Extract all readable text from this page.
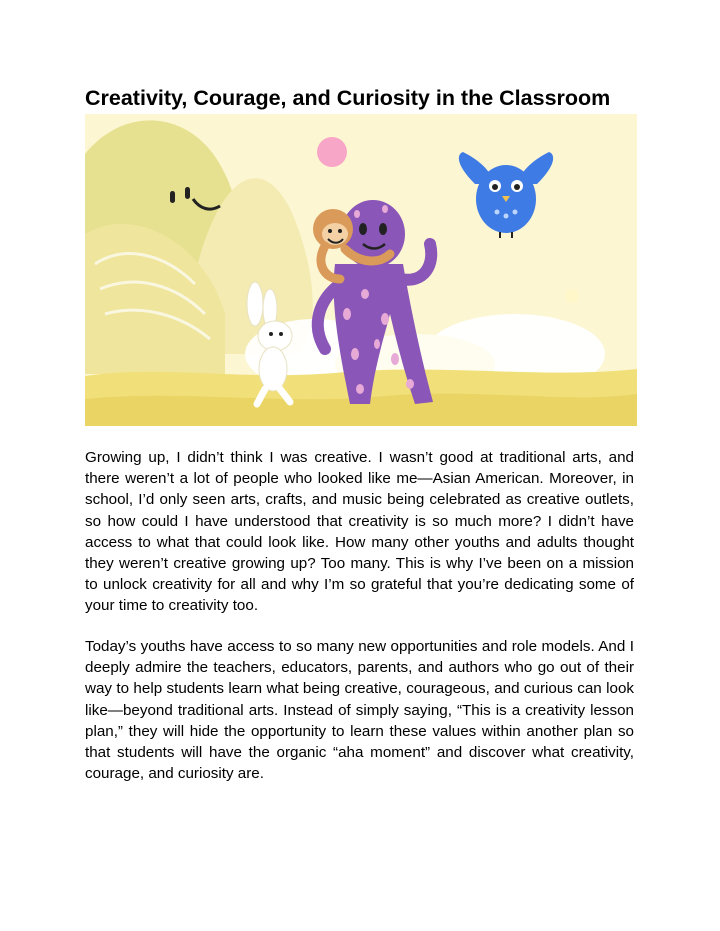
Creativity, Courage, and Curiosity in the Classroom

Growing up, I didn’t think I was creative. I wasn’t good at traditional arts, and there weren’t a lot of people who looked like me—Asian American. Moreover, in school, I’d only seen arts, crafts, and music being celebrated as creative outlets, so how could I have understood that creativity is so much more? I didn’t have access to what that could look like. How many other youths and adults thought they weren’t creative growing up? Too many. This is why I’ve been on a mission to unlock creativity for all and why I’m so grateful that you’re dedicating some of your time to creativity too.

Today’s youths have access to so many new opportunities and role models. And I deeply admire the teachers, educators, parents, and authors who go out of their way to help students learn what being creative, courageous, and curious can look like—beyond traditional arts. Instead of simply saying, “This is a creativity lesson plan,” they will hide the opportunity to learn these values within another plan so that students will have the organic “aha moment” and discover what creativity, courage, and curiosity are.
